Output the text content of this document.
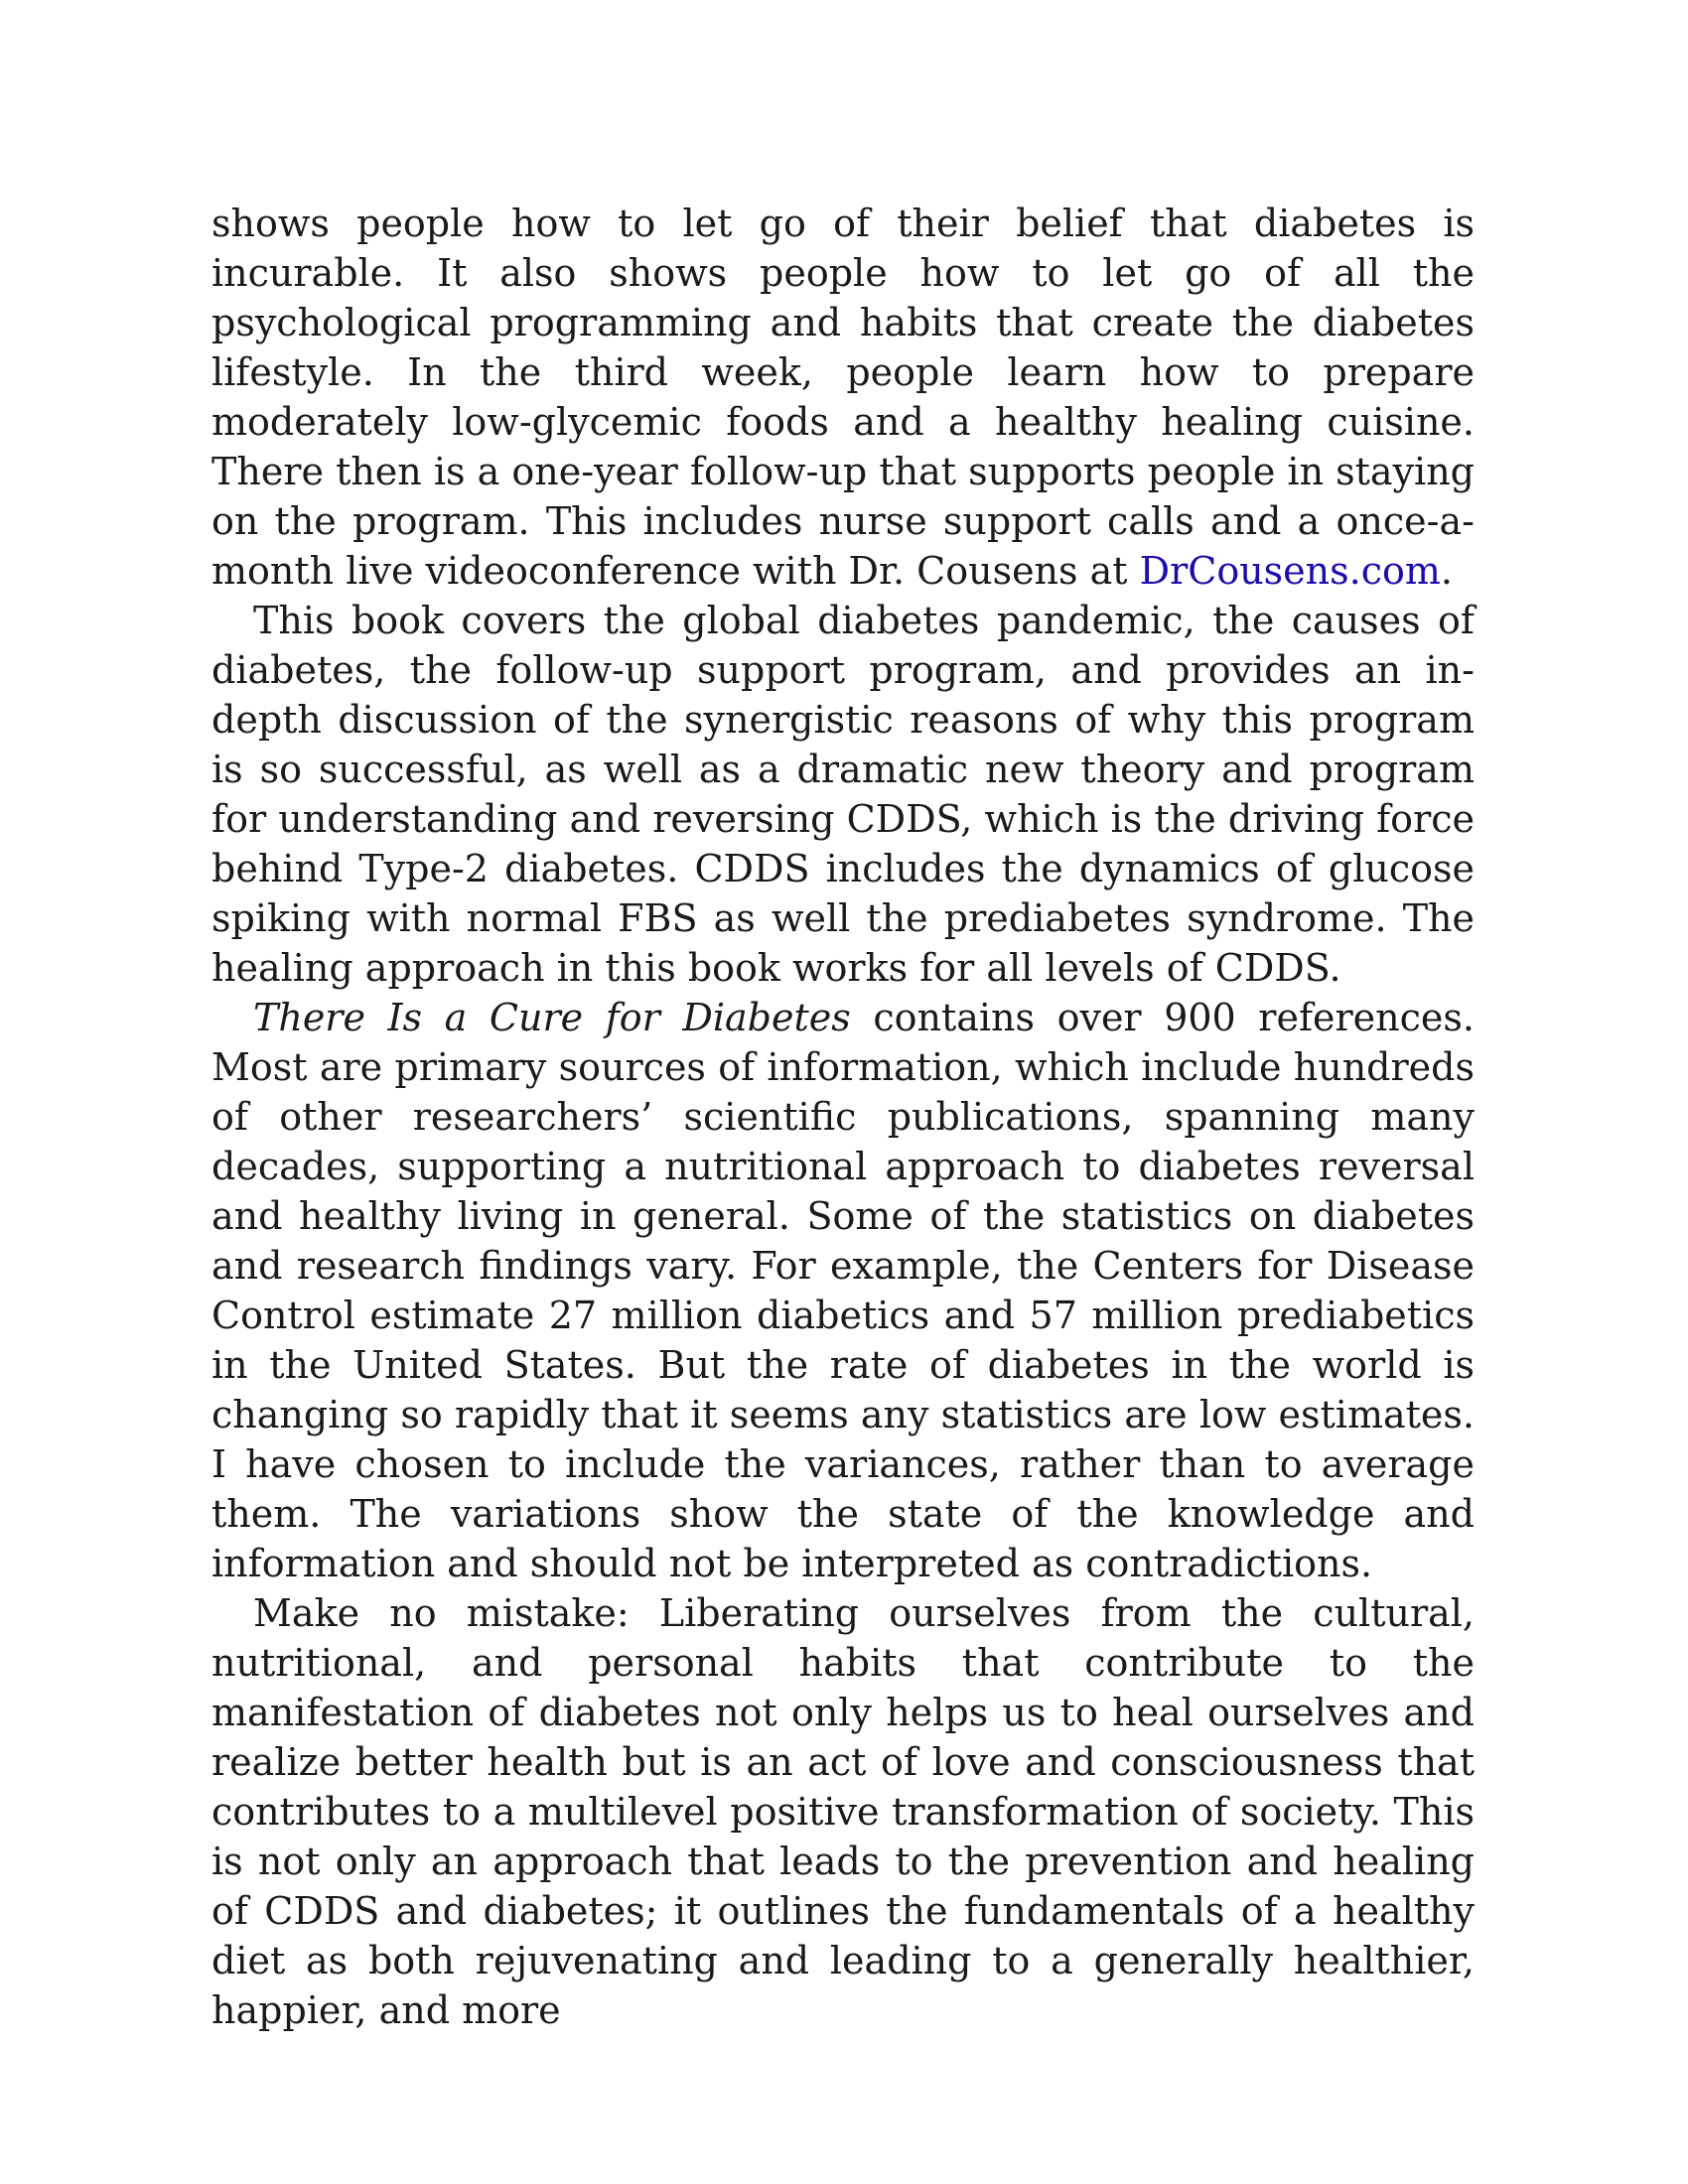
shows people how to let go of their belief that diabetes is incurable. It also shows people how to let go of all the psychological programming and habits that create the diabetes lifestyle. In the third week, people learn how to prepare moderately low-glycemic foods and a healthy healing cuisine. There then is a one-year follow-up that supports people in staying on the program. This includes nurse support calls and a once-a-month live videoconference with Dr. Cousens at DrCousens.com.

This book covers the global diabetes pandemic, the causes of diabetes, the follow-up support program, and provides an in-depth discussion of the synergistic reasons of why this program is so successful, as well as a dramatic new theory and program for understanding and reversing CDDS, which is the driving force behind Type-2 diabetes. CDDS includes the dynamics of glucose spiking with normal FBS as well the prediabetes syndrome. The healing approach in this book works for all levels of CDDS.

There Is a Cure for Diabetes contains over 900 references. Most are primary sources of information, which include hundreds of other researchers’ scientific publications, spanning many decades, supporting a nutritional approach to diabetes reversal and healthy living in general. Some of the statistics on diabetes and research findings vary. For example, the Centers for Disease Control estimate 27 million diabetics and 57 million prediabetics in the United States. But the rate of diabetes in the world is changing so rapidly that it seems any statistics are low estimates. I have chosen to include the variances, rather than to average them. The variations show the state of the knowledge and information and should not be interpreted as contradictions.

Make no mistake: Liberating ourselves from the cultural, nutritional, and personal habits that contribute to the manifestation of diabetes not only helps us to heal ourselves and realize better health but is an act of love and consciousness that contributes to a multilevel positive transformation of society. This is not only an approach that leads to the prevention and healing of CDDS and diabetes; it outlines the fundamentals of a healthy diet as both rejuvenating and leading to a generally healthier, happier, and more
